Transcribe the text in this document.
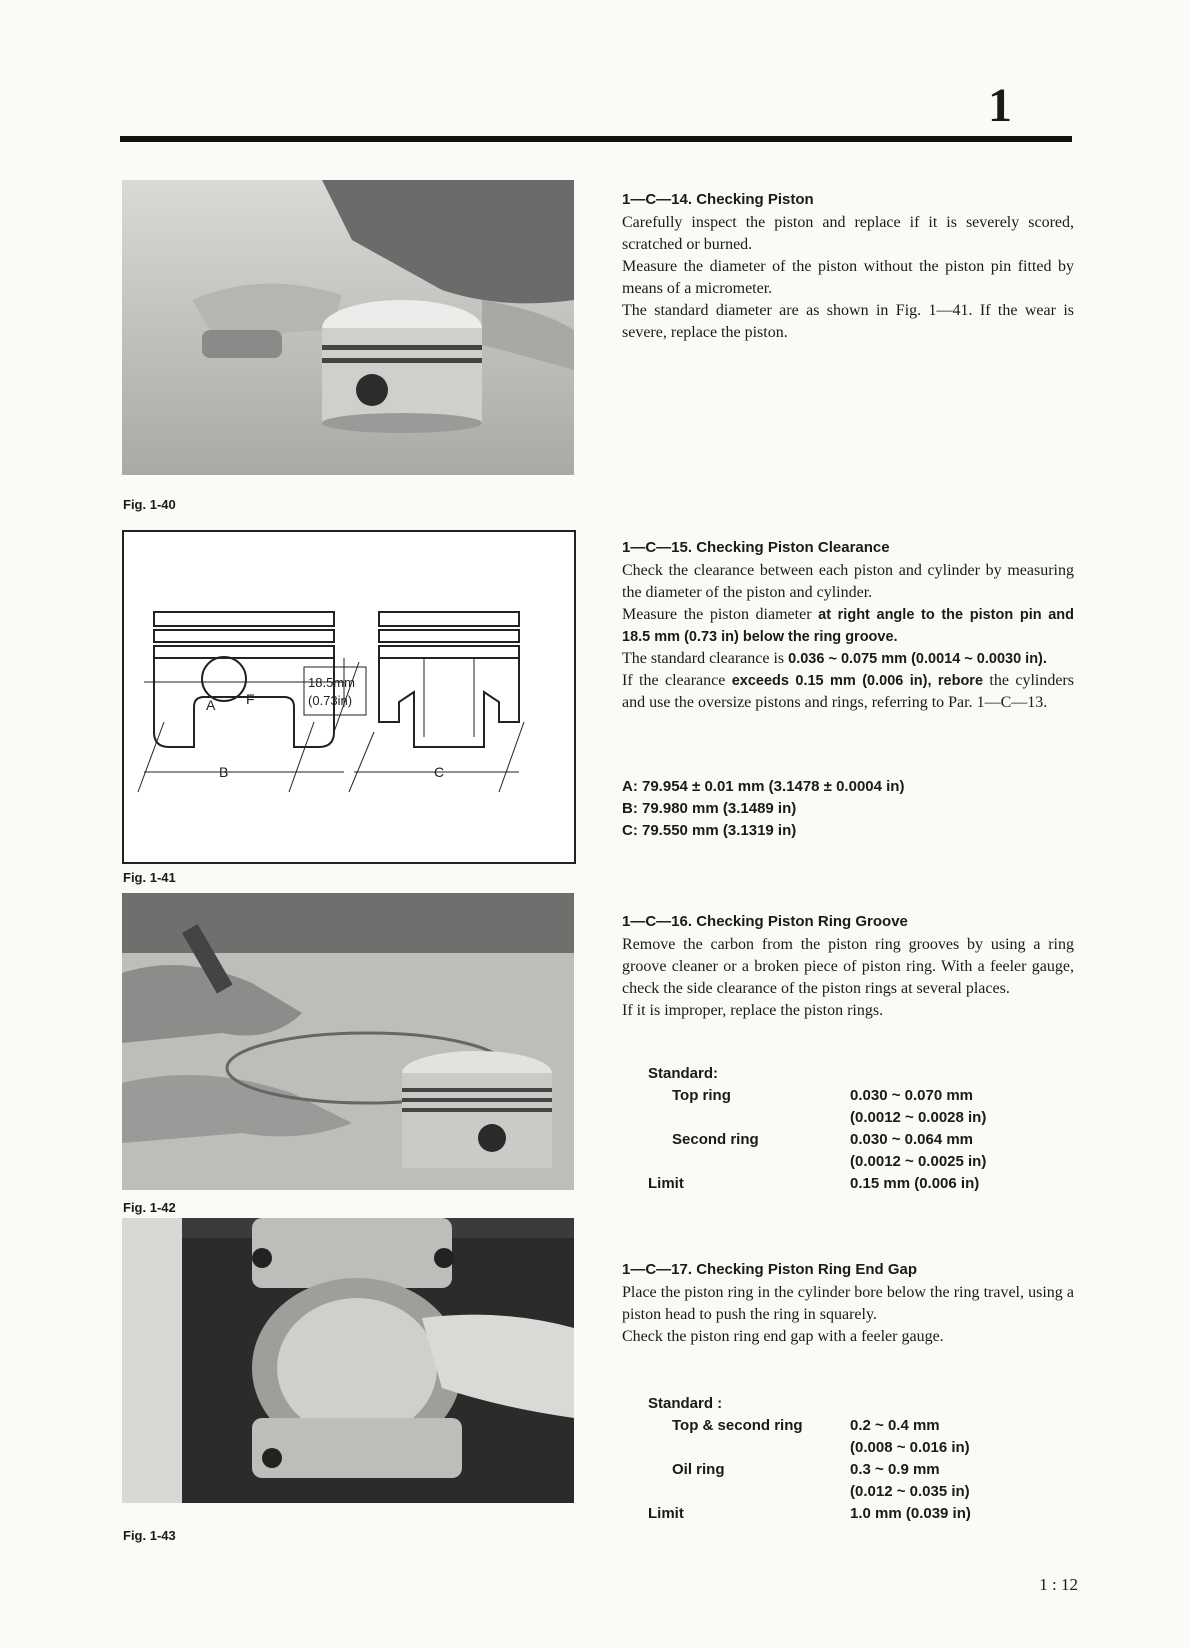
1
Fig. 1-40
A F
B	C
18.5mm
(0.73in)
Fig. 1-41
Fig. 1-42
Fig. 1-43
1—C—14. Checking Piston

Carefully inspect the piston and replace if it is severely scored, scratched or burned.

Measure the diameter of the piston without the piston pin fitted by means of a micrometer.

The standard diameter are as shown in Fig. 1—41. If the wear is severe, replace the piston.

1—C—15. Checking Piston Clearance

Check the clearance between each piston and cylinder by measuring the diameter of the piston and cylinder.

Measure the piston diameter at right angle to the piston pin and 18.5 mm (0.73 in) below the ring groove.

The standard clearance is 0.036 ~ 0.075 mm (0.0014 ~ 0.0030 in).

If the clearance exceeds 0.15 mm (0.006 in), rebore the cylinders and use the oversize pistons and rings, referring to Par. 1—C—13.

A: 79.954 ± 0.01 mm (3.1478 ± 0.0004 in)
B: 79.980 mm (3.1489 in)
C: 79.550 mm (3.1319 in)
1—C—16. Checking Piston Ring Groove

Remove the carbon from the piston ring grooves by using a ring groove cleaner or a broken piece of piston ring. With a feeler gauge, check the side clearance of the piston rings at several places.

If it is improper, replace the piston rings.

Standard:
Top ring	0.030 ~ 0.070 mm
(0.0012 ~ 0.0028 in)
Second ring	0.030 ~ 0.064 mm
(0.0012 ~ 0.0025 in)
Limit	0.15 mm (0.006 in)
1—C—17. Checking Piston Ring End Gap

Place the piston ring in the cylinder bore below the ring travel, using a piston head to push the ring in squarely.

Check the piston ring end gap with a feeler gauge.

Standard :
Top & second ring	0.2 ~ 0.4 mm
(0.008 ~ 0.016 in)
Oil ring	0.3 ~ 0.9 mm
(0.012 ~ 0.035 in)
Limit	1.0 mm (0.039 in)
1 : 12
